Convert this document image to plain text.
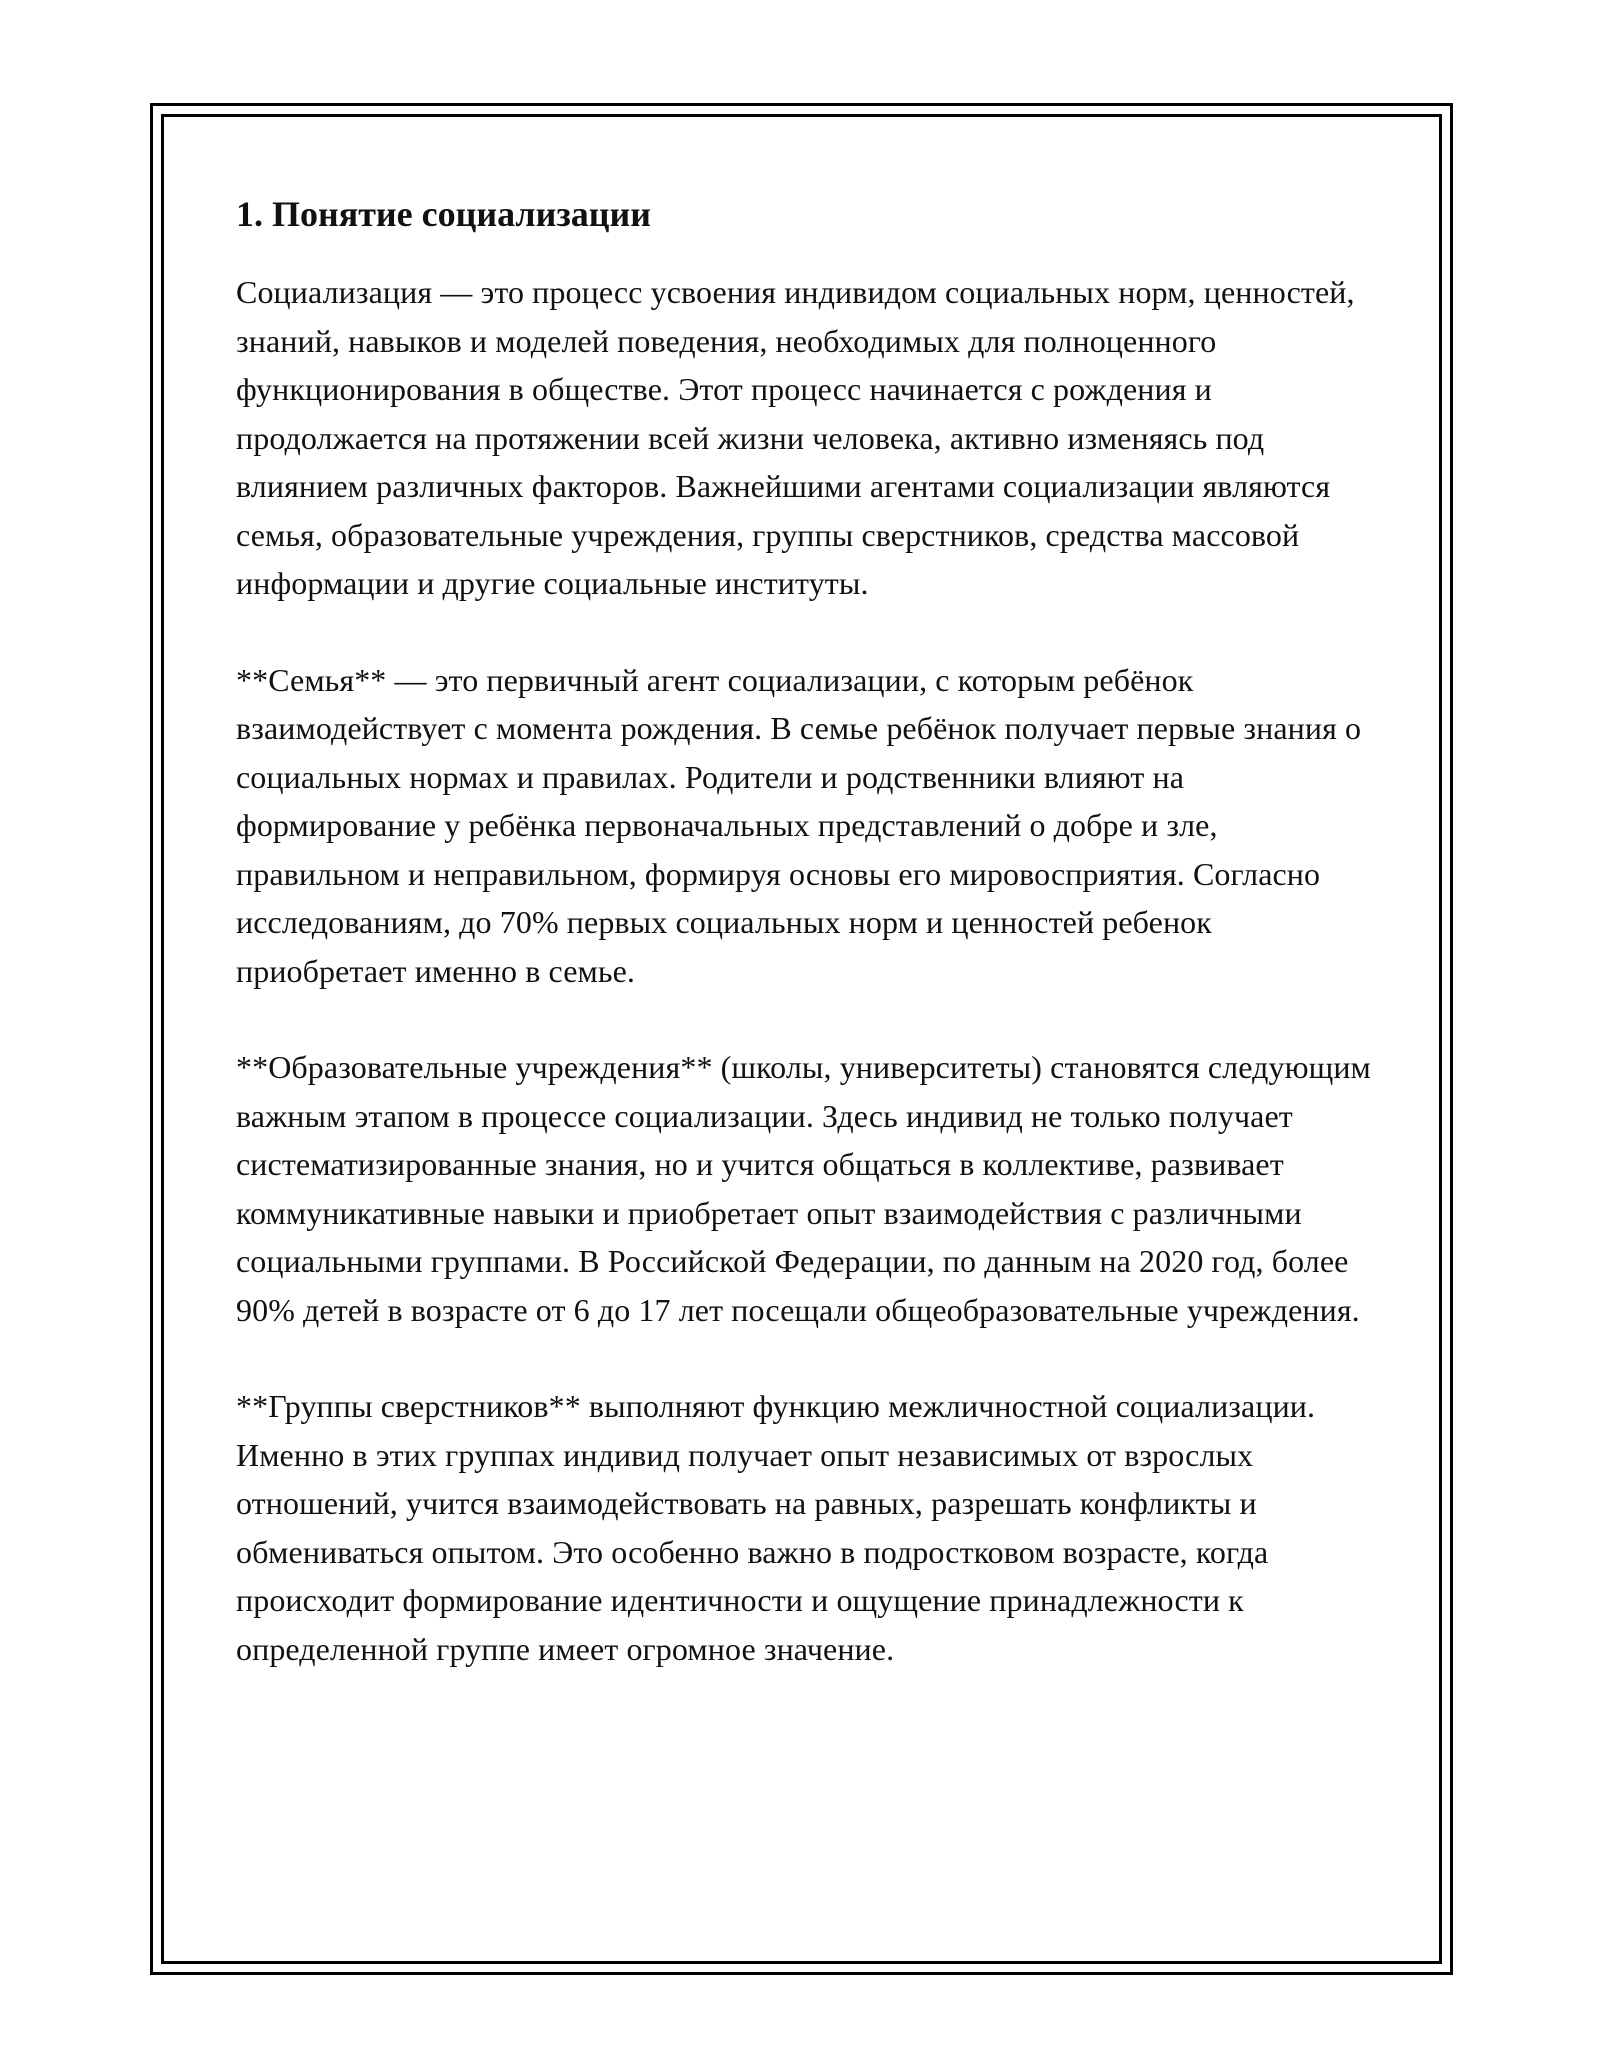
1. Понятие социализации

Социализация — это процесс усвоения индивидом социальных норм, ценностей, знаний, навыков и моделей поведения, необходимых для полноценного функционирования в обществе. Этот процесс начинается с рождения и продолжается на протяжении всей жизни человека, активно изменяясь под влиянием различных факторов. Важнейшими агентами социализации являются семья, образовательные учреждения, группы сверстников, средства массовой информации и другие социальные институты.

**Семья** — это первичный агент социализации, с которым ребёнок взаимодействует с момента рождения. В семье ребёнок получает первые знания о социальных нормах и правилах. Родители и родственники влияют на формирование у ребёнка первоначальных представлений о добре и зле, правильном и неправильном, формируя основы его мировосприятия. Согласно исследованиям, до 70% первых социальных норм и ценностей ребенок приобретает именно в семье.

**Образовательные учреждения** (школы, университеты) становятся следующим важным этапом в процессе социализации. Здесь индивид не только получает систематизированные знания, но и учится общаться в коллективе, развивает коммуникативные навыки и приобретает опыт взаимодействия с различными социальными группами. В Российской Федерации, по данным на 2020 год, более 90% детей в возрасте от 6 до 17 лет посещали общеобразовательные учреждения.

**Группы сверстников** выполняют функцию межличностной социализации. Именно в этих группах индивид получает опыт независимых от взрослых отношений, учится взаимодействовать на равных, разрешать конфликты и обмениваться опытом. Это особенно важно в подростковом возрасте, когда происходит формирование идентичности и ощущение принадлежности к определенной группе имеет огромное значение.
